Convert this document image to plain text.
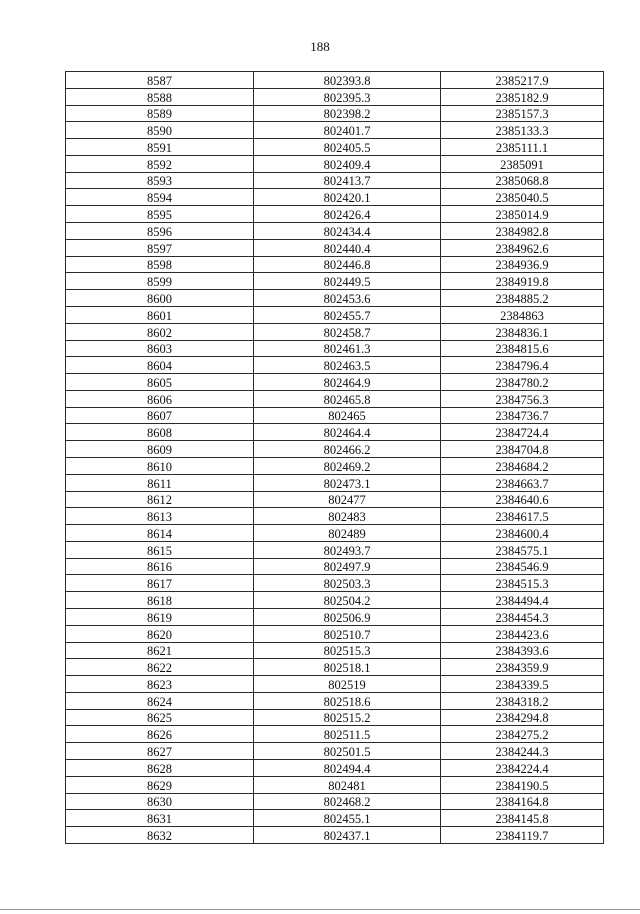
188
8587	802393.8	2385217.9
8588	802395.3	2385182.9
8589	802398.2	2385157.3
8590	802401.7	2385133.3
8591	802405.5	2385111.1
8592	802409.4	2385091
8593	802413.7	2385068.8
8594	802420.1	2385040.5
8595	802426.4	2385014.9
8596	802434.4	2384982.8
8597	802440.4	2384962.6
8598	802446.8	2384936.9
8599	802449.5	2384919.8
8600	802453.6	2384885.2
8601	802455.7	2384863
8602	802458.7	2384836.1
8603	802461.3	2384815.6
8604	802463.5	2384796.4
8605	802464.9	2384780.2
8606	802465.8	2384756.3
8607	802465	2384736.7
8608	802464.4	2384724.4
8609	802466.2	2384704.8
8610	802469.2	2384684.2
8611	802473.1	2384663.7
8612	802477	2384640.6
8613	802483	2384617.5
8614	802489	2384600.4
8615	802493.7	2384575.1
8616	802497.9	2384546.9
8617	802503.3	2384515.3
8618	802504.2	2384494.4
8619	802506.9	2384454.3
8620	802510.7	2384423.6
8621	802515.3	2384393.6
8622	802518.1	2384359.9
8623	802519	2384339.5
8624	802518.6	2384318.2
8625	802515.2	2384294.8
8626	802511.5	2384275.2
8627	802501.5	2384244.3
8628	802494.4	2384224.4
8629	802481	2384190.5
8630	802468.2	2384164.8
8631	802455.1	2384145.8
8632	802437.1	2384119.7
